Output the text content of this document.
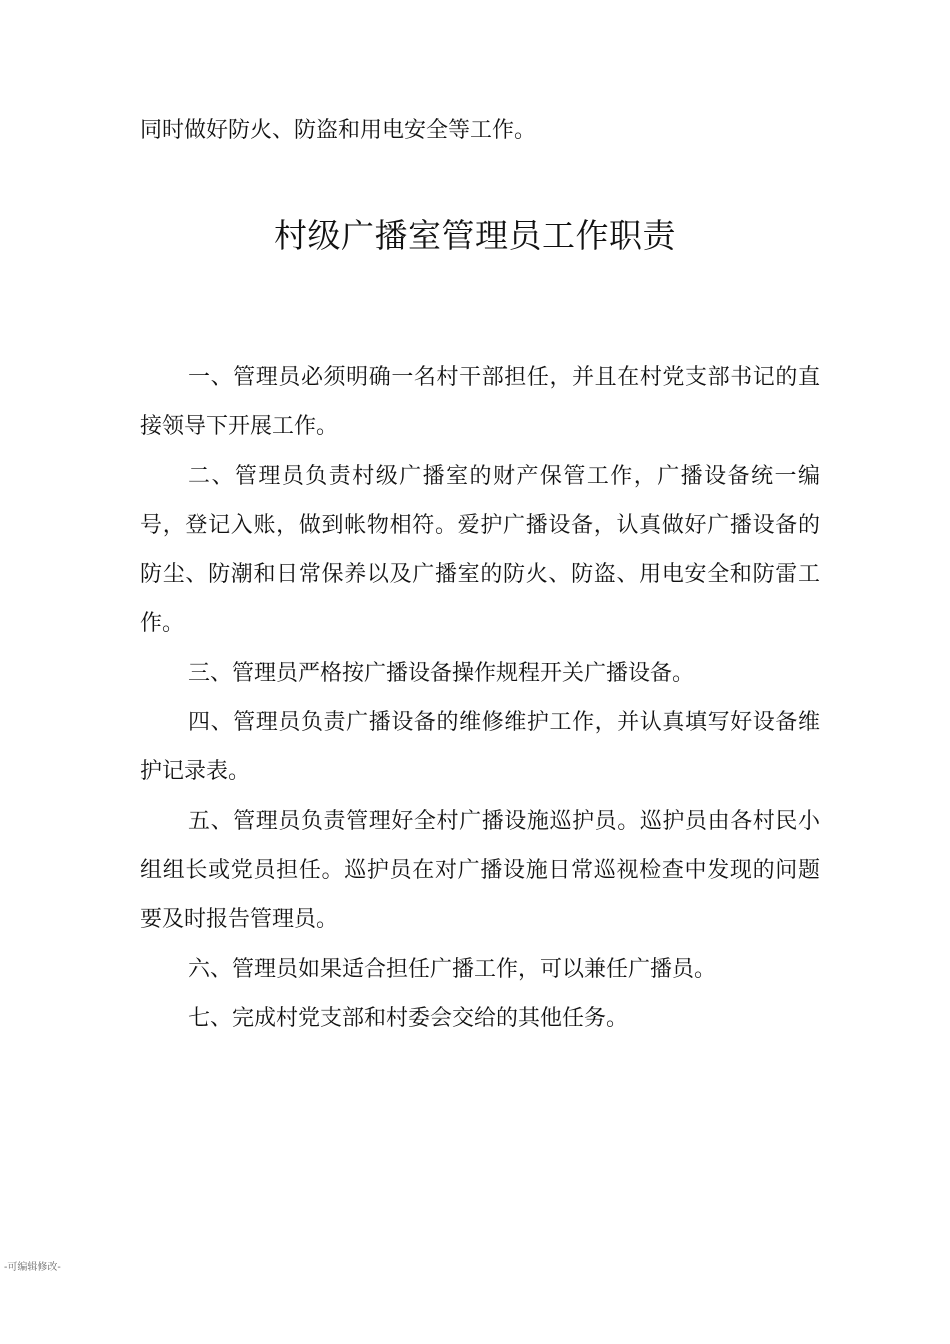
同时做好防火、防盗和用电安全等工作。
村级广播室管理员工作职责

一、管理员必须明确一名村干部担任，并且在村党支部书记的直接领导下开展工作。

二、管理员负责村级广播室的财产保管工作，广播设备统一编号，登记入账，做到帐物相符。爱护广播设备，认真做好广播设备的防尘、防潮和日常保养以及广播室的防火、防盗、用电安全和防雷工作。

三、管理员严格按广播设备操作规程开关广播设备。

四、管理员负责广播设备的维修维护工作，并认真填写好设备维护记录表。

五、管理员负责管理好全村广播设施巡护员。巡护员由各村民小组组长或党员担任。巡护员在对广播设施日常巡视检查中发现的问题要及时报告管理员。

六、管理员如果适合担任广播工作，可以兼任广播员。

七、完成村党支部和村委会交给的其他任务。

-可编辑修改-
